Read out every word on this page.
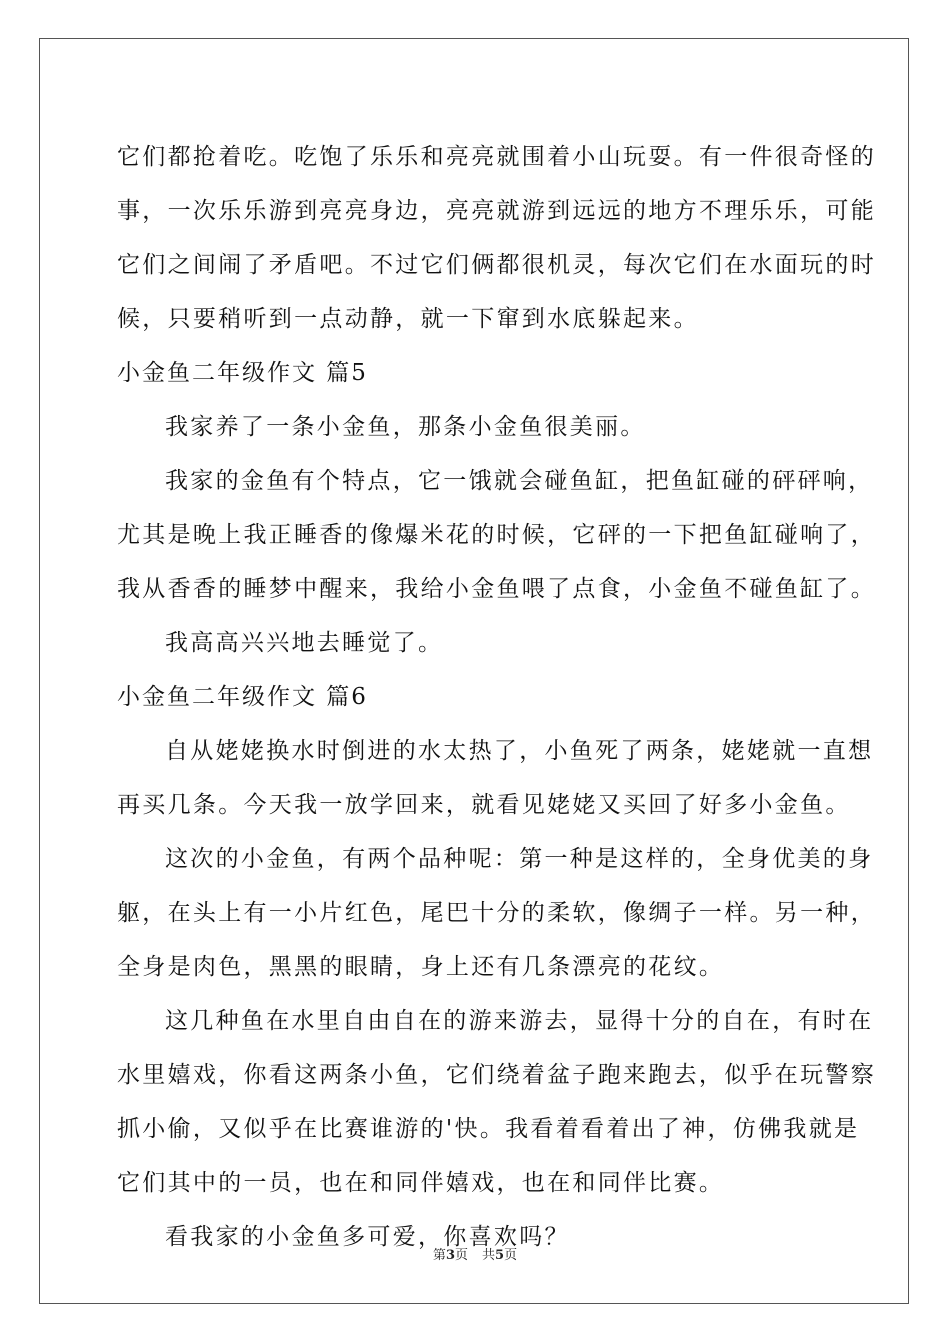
它们都抢着吃。吃饱了乐乐和亮亮就围着小山玩耍。有一件很奇怪的
事，一次乐乐游到亮亮身边，亮亮就游到远远的地方不理乐乐，可能
它们之间闹了矛盾吧。不过它们俩都很机灵，每次它们在水面玩的时
候，只要稍听到一点动静，就一下窜到水底躲起来。
小金鱼二年级作文 篇5
我家养了一条小金鱼，那条小金鱼很美丽。
我家的金鱼有个特点，它一饿就会碰鱼缸，把鱼缸碰的砰砰响，
尤其是晚上我正睡香的像爆米花的时候，它砰的一下把鱼缸碰响了，
我从香香的睡梦中醒来，我给小金鱼喂了点食，小金鱼不碰鱼缸了。
我高高兴兴地去睡觉了。
小金鱼二年级作文 篇6
自从姥姥换水时倒进的水太热了，小鱼死了两条，姥姥就一直想
再买几条。今天我一放学回来，就看见姥姥又买回了好多小金鱼。
这次的小金鱼，有两个品种呢：第一种是这样的，全身优美的身
躯，在头上有一小片红色，尾巴十分的柔软，像绸子一样。另一种，
全身是肉色，黑黑的眼睛，身上还有几条漂亮的花纹。
这几种鱼在水里自由自在的游来游去，显得十分的自在，有时在
水里嬉戏，你看这两条小鱼，它们绕着盆子跑来跑去，似乎在玩警察
抓小偷，又似乎在比赛谁游的'快。我看着看着出了神，仿佛我就是
它们其中的一员，也在和同伴嬉戏，也在和同伴比赛。
看我家的小金鱼多可爱，你喜欢吗？
第3页 共5页
